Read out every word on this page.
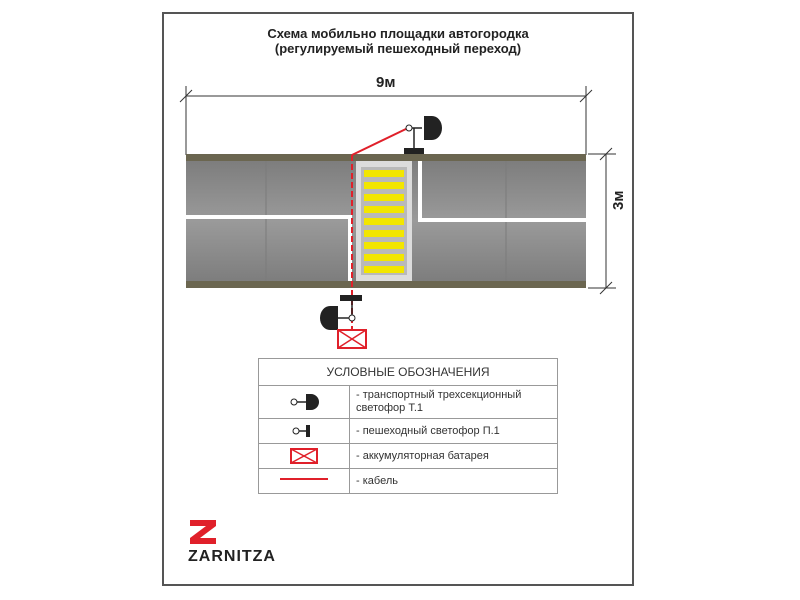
Схема мобильно площадки автогородка
(регулируемый пешеходный переход)
9м
3м
УСЛОВНЫЕ ОБОЗНАЧЕНИЯ
- транспортный трехсекционный светофор Т.1
- пешеходный светофор П.1
- аккумуляторная батарея
- кабель
ZARNITZA
